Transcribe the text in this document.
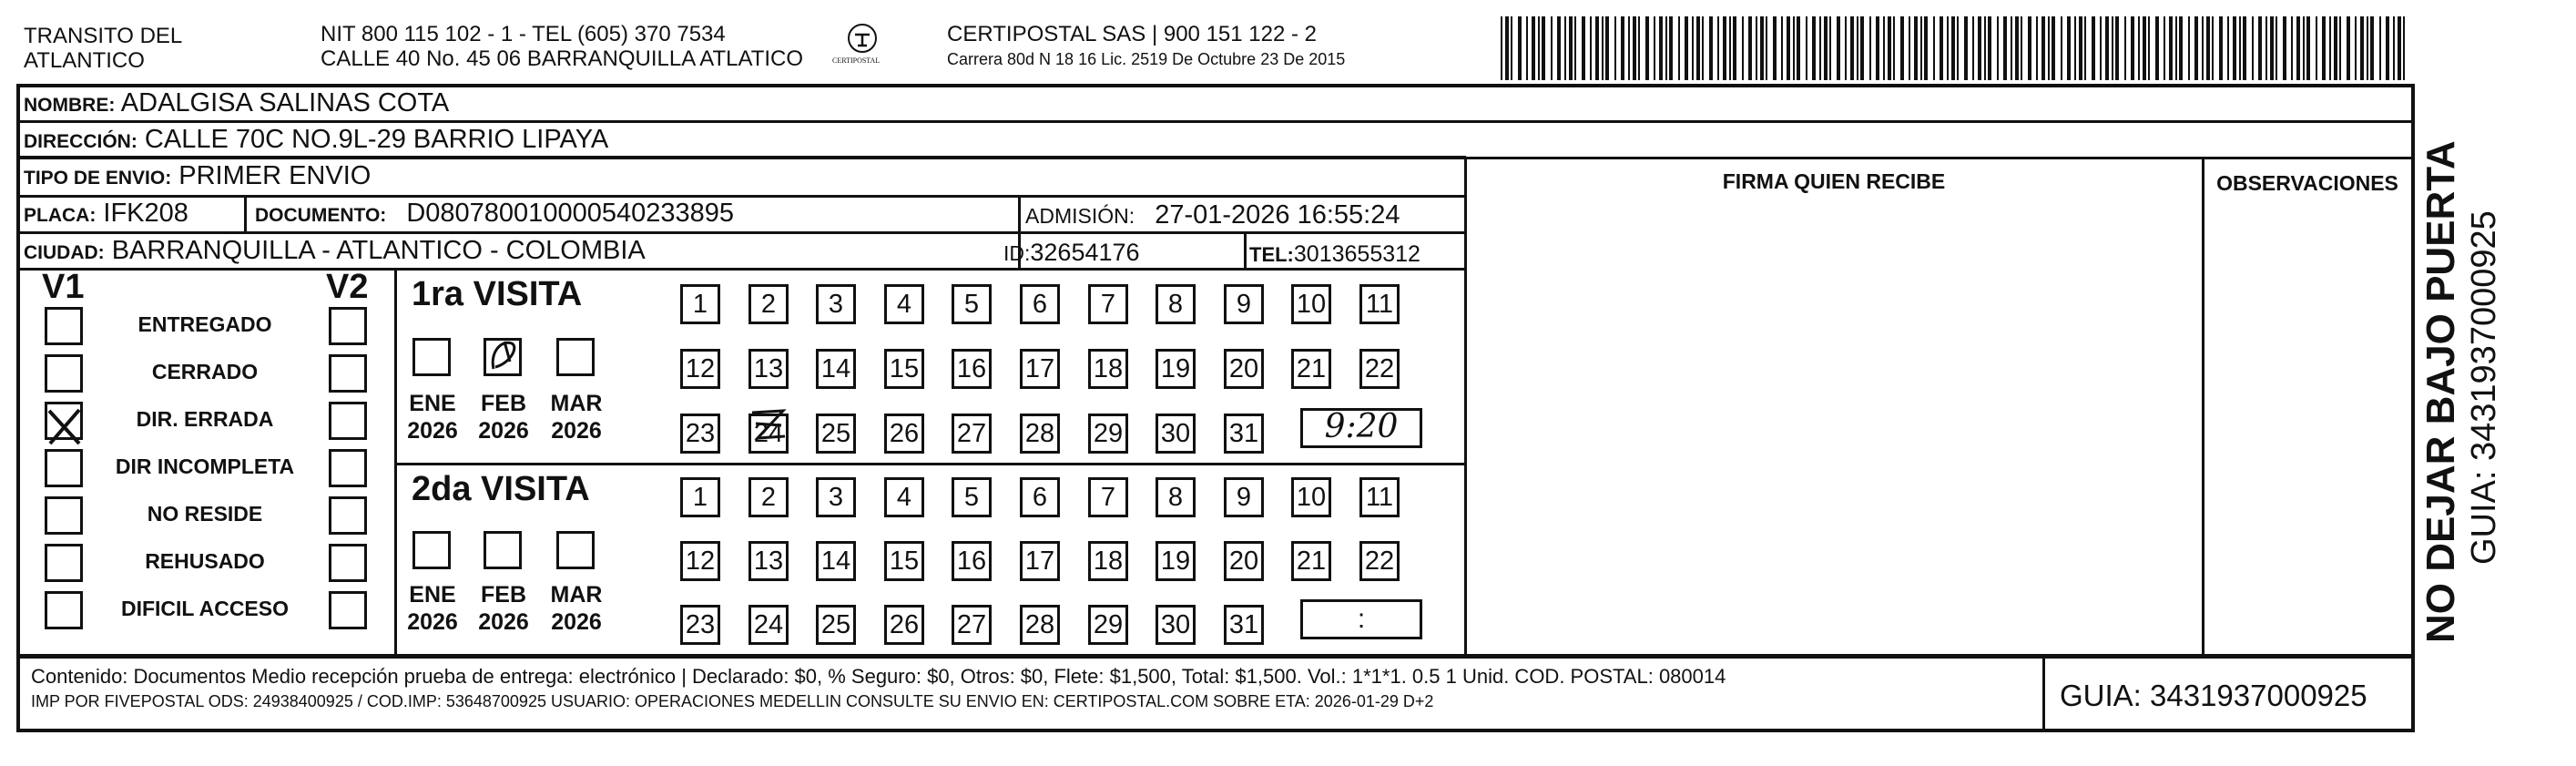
TRANSITO DEL
ATLANTICO
NIT 800 115 102 - 1 - TEL (605) 370 7534
CALLE 40 No. 45 06 BARRANQUILLA ATLATICO	CERTIPOSTAL
CERTIPOSTAL SAS | 900 151 122 - 2
Carrera 80d N 18 16 Lic. 2519 De Octubre 23 De 2015
NOMBRE: ADALGISA SALINAS COTA
DIRECCIÓN: CALLE 70C NO.9L-29 BARRIO LIPAYA
TIPO DE ENVIO: PRIMER ENVIO
PLACA: IFK208	DOCUMENTO: D080780010000540233895	ADMISIÓN: 27-01-2026 16:55:24
CIUDAD: BARRANQUILLA - ATLANTICO - COLOMBIA	ID:32654176	TEL:3013655312
FIRMA QUIEN RECIBE	OBSERVACIONES
V1	V2
ENTREGADO
CERRADO
DIR. ERRADA
DIR INCOMPLETA
NO RESIDE
REHUSADO
DIFICIL ACCESO
1ra VISITA
2da VISITA
ENE
2026
FEB
2026
MAR
2026
ENE
2026
FEB
2026
MAR
2026
1	2	3	4	5	6	7	8	9	10 11
12 13 14 15 16 17 18 19 20 21 22
23 24 25 26 27 28 29 30 31
1	2	3	4	5	6	7	8	9	10 11
12 13 14 15 16 17 18 19 20 21 22
23 24 25 26 27 28 29 30 31
9:20
:
Contenido: Documentos Medio recepción prueba de entrega: electrónico | Declarado: $0, % Seguro: $0, Otros: $0, Flete: $1,500, Total: $1,500. Vol.: 1*1*1. 0.5 1 Unid. COD. POSTAL: 080014
IMP POR FIVEPOSTAL ODS: 24938400925 / COD.IMP: 53648700925 USUARIO: OPERACIONES MEDELLIN CONSULTE SU ENVIO EN: CERTIPOSTAL.COM SOBRE ETA: 2026-01-29 D+2	GUIA: 3431937000925
NO DEJAR BAJO PUERTA GUIA: 3431937000925
